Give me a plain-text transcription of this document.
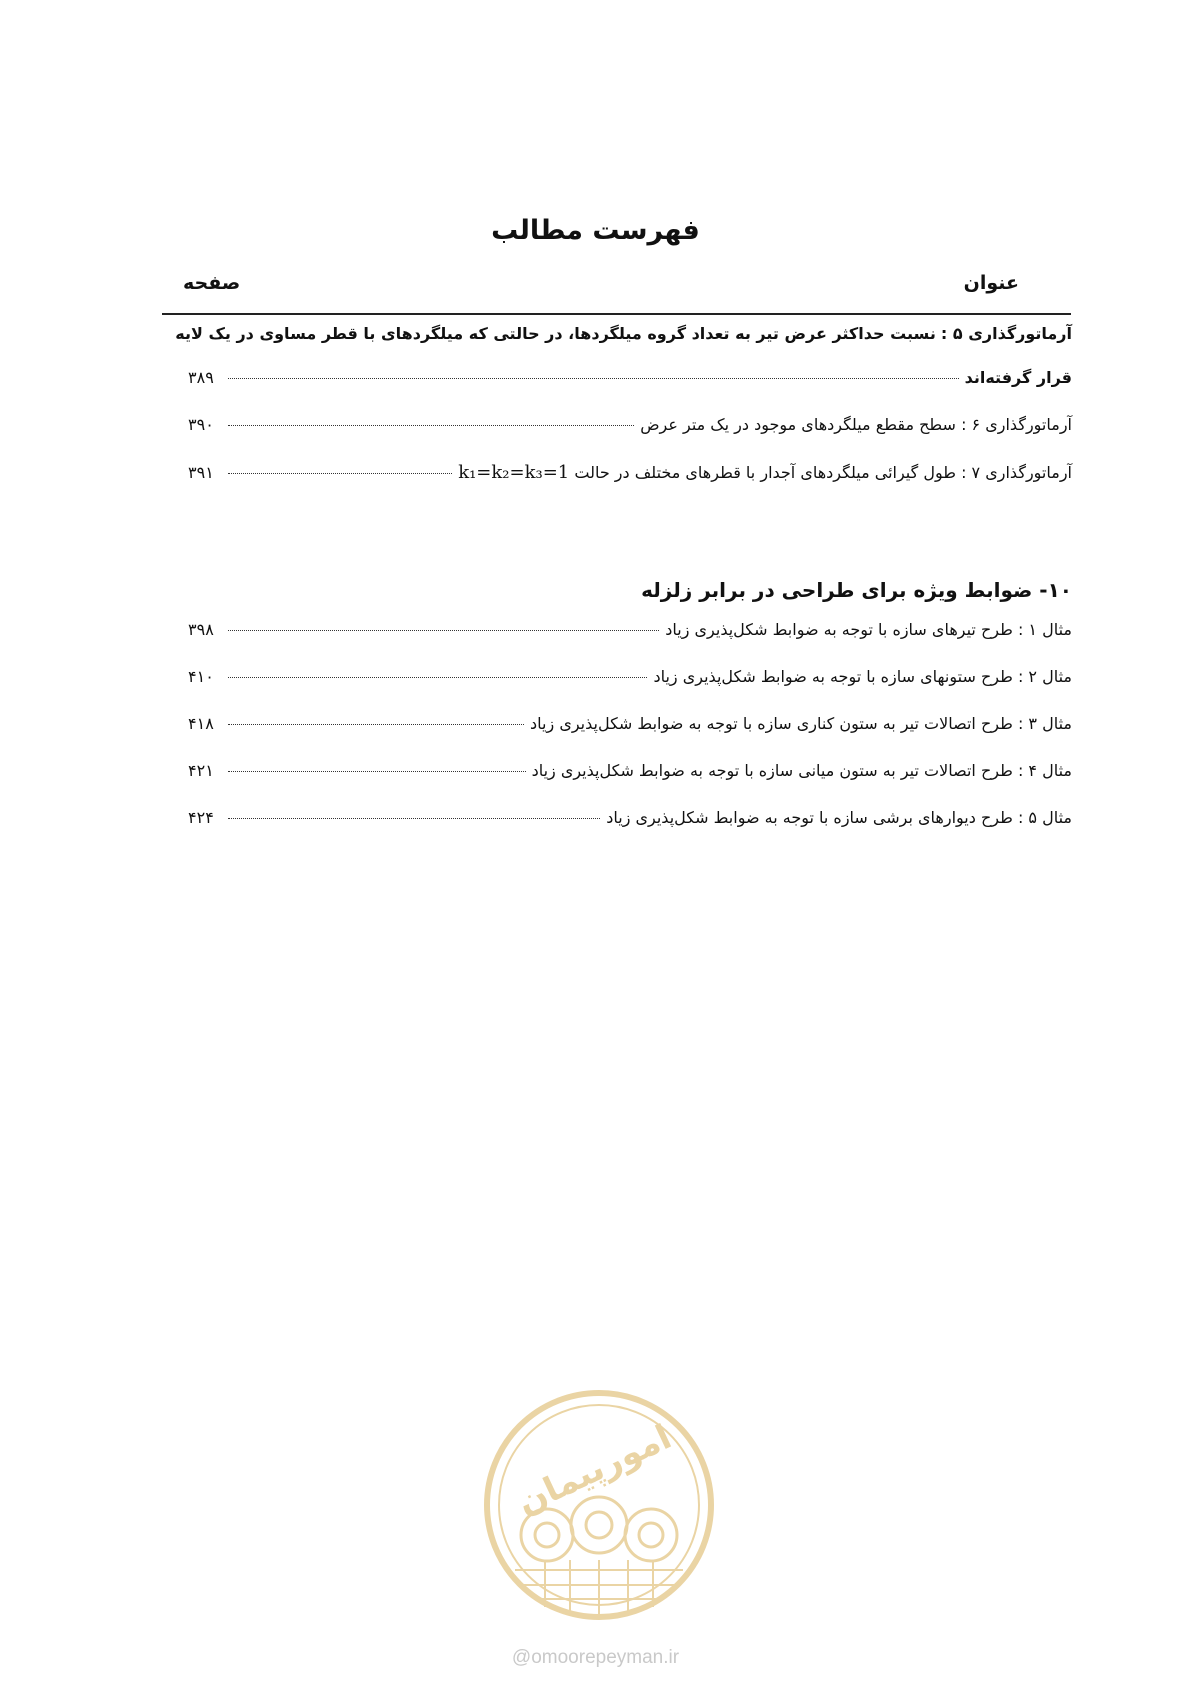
فهرست مطالب
عنوان
صفحه
آرماتورگذاری ۵ : نسبت حداکثر عرض تیر به تعداد گروه میلگردها، در حالتی که میلگردهای با قطر مساوی در یک لایه
قرار گرفته‌اند
۳۸۹
آرماتورگذاری ۶ : سطح مقطع میلگردهای موجود در یک متر عرض
۳۹۰
آرماتورگذاری ۷ : طول گیرائی میلگردهای آجدار با قطرهای مختلف در حالت k₁=k₂=k₃=1
۳۹۱
۱۰- ضوابط ویژه برای طراحی در برابر زلزله
مثال ۱ : طرح تیرهای سازه با توجه به ضوابط شکل‌پذیری زیاد
۳۹۸
مثال ۲ : طرح ستونهای سازه با توجه به ضوابط شکل‌پذیری زیاد
۴۱۰
مثال ۳ : طرح اتصالات تیر به ستون کناری سازه با توجه به ضوابط شکل‌پذیری زیاد
۴۱۸
مثال ۴ : طرح اتصالات تیر به ستون میانی سازه با توجه به ضوابط شکل‌پذیری زیاد
۴۲۱
مثال ۵ : طرح دیوارهای برشی سازه با توجه به ضوابط شکل‌پذیری زیاد
۴۲۴
امورپیمان
@omoorepeyman.ir
